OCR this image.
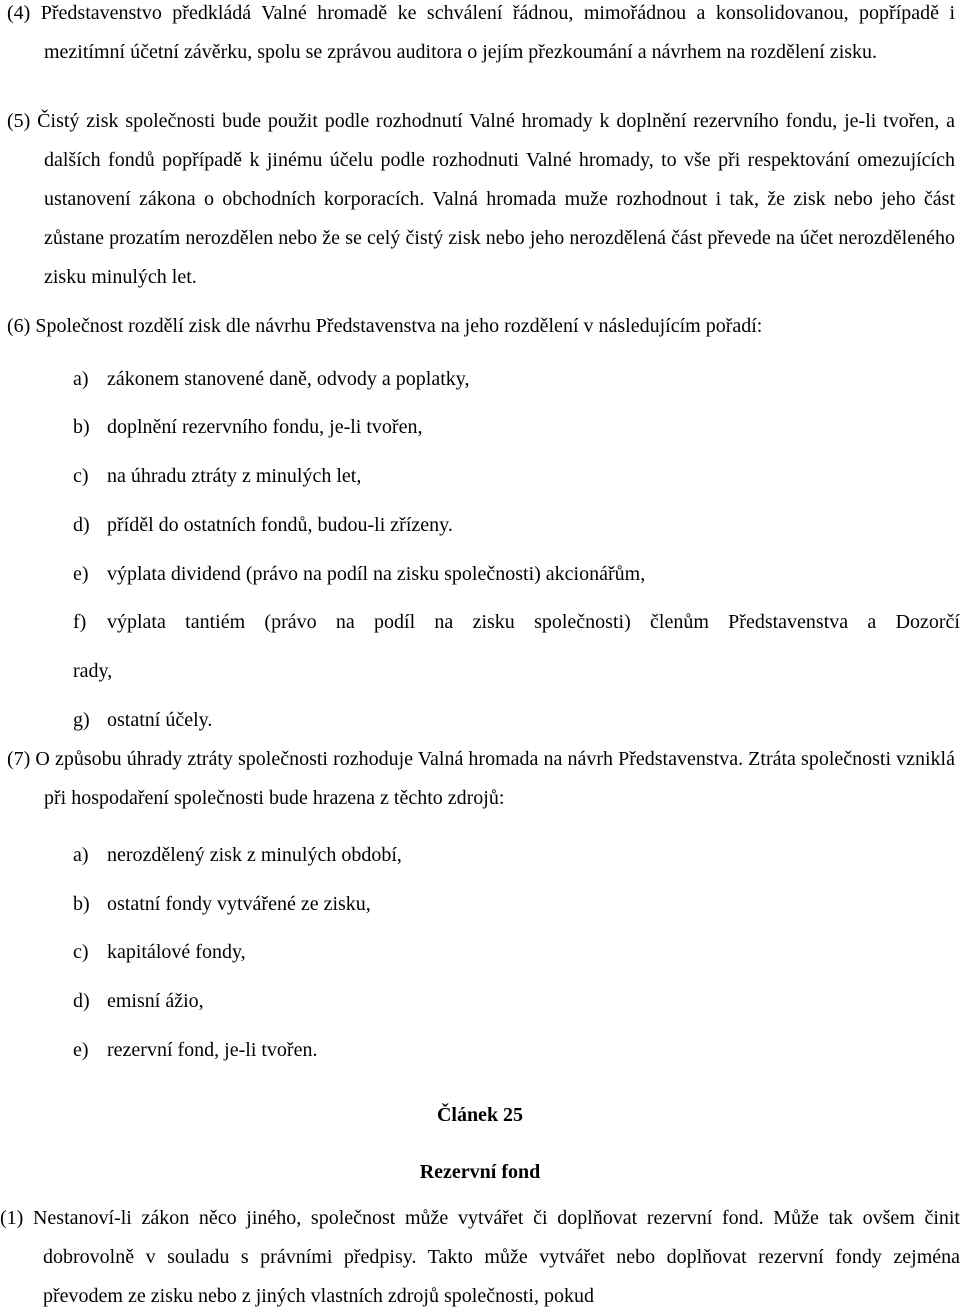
(4) Představenstvo předkládá Valné hromadě ke schválení řádnou, mimořádnou a konsolidovanou, popřípadě i mezitímní účetní závěrku, spolu se zprávou auditora o jejím přezkoumání a návrhem na rozdělení zisku.

(5) Čistý zisk společnosti bude použit podle rozhodnutí Valné hromady k doplnění rezervního fondu, je-li tvořen, a dalších fondů popřípadě k jinému účelu podle rozhodnuti Valné hromady, to vše při respektování omezujících ustanovení zákona o obchodních korporacích. Valná hromada muže rozhodnout i tak, že zisk nebo jeho část zůstane prozatím nerozdělen nebo že se celý čistý zisk nebo jeho nerozdělená část převede na účet nerozděleného zisku minulých let.

(6) Společnost rozdělí zisk dle návrhu Představenstva na jeho rozdělení v následujícím pořadí:

a) zákonem stanovené daně, odvody a poplatky,
b) doplnění rezervního fondu, je-li tvořen,
c) na úhradu ztráty z minulých let,
d) příděl do ostatních fondů, budou-li zřízeny.
e) výplata dividend (právo na podíl na zisku společnosti) akcionářům,
f) výplata tantiém (právo na podíl na zisku společnosti) členům Představenstva a Dozorčí
rady,
g) ostatní účely.

(7) O způsobu úhrady ztráty společnosti rozhoduje Valná hromada na návrh Představenstva. Ztráta společnosti vzniklá při hospodaření společnosti bude hrazena z těchto zdrojů:

a) nerozdělený zisk z minulých období,
b) ostatní fondy vytvářené ze zisku,
c) kapitálové fondy,
d) emisní ážio,
e) rezervní fond, je-li tvořen.
Článek 25
Rezervní fond

(1) Nestanoví-li zákon něco jiného, společnost může vytvářet či doplňovat rezervní fond. Může tak ovšem činit dobrovolně v souladu s právními předpisy. Takto může vytvářet nebo doplňovat rezervní fondy zejména převodem ze zisku nebo z jiných vlastních zdrojů společnosti, pokud
